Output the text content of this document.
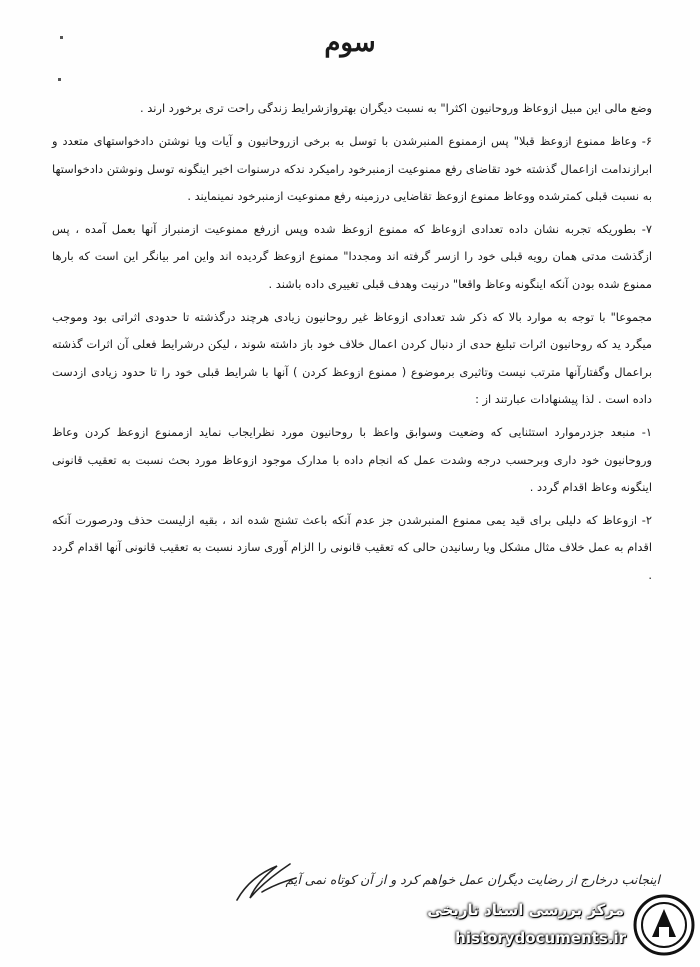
سوم

وضع مالی این مبیل ازوعاظ وروحانیون اکثرا" به نسبت دیگران بهتروازشرایط زندگی راحت تری برخورد ارند .

۶- وعاظ ممنوع ازوعظ قبلا" پس ازممنوع المنبرشدن با توسل به برخی ازروحانیون و آیات ویا نوشتن دادخواستهای متعدد و ابرازندامت ازاعمال گذشته خود تقاضای رفع ممنوعیت ازمنبرخود رامیکرد ندکه درسنوات اخیر اینگونه توسل ونوشتن دادخواستها به نسبت قبلی کمترشده ووعاظ ممنوع ازوعظ تقاضایی درزمینه رفع ممنوعیت ازمنبرخود نمینمایند .

۷- بطوریکه تجربه نشان داده تعدادی ازوعاظ که ممنوع ازوعظ شده وپس ازرفع ممنوعیت ازمنبراز آنها بعمل آمده ، پس ازگذشت مدتی همان رویه قبلی خود را ازسر گرفته اند ومجددا" ممنوع ازوعظ گردیده اند واین امر بیانگر این است که بارها ممنوع شده بودن آنکه اینگونه وعاظ واقعا" درنیت وهدف قبلی تغییری داده باشند .

مجموعا" با توجه به موارد بالا که ذکر شد تعدادی ازوعاظ غیر روحانیون زیادی هرچند درگذشته تا حدودی اثراتی بود وموجب میگرد ید که روحانیون اثرات تبلیغ حدی از دنبال کردن اعمال خلاف خود باز داشته شوند ، لیکن درشرایط فعلی آن اثرات گذشته براعمال وگفتارآنها مترتب نیست وتاثیری برموضوع ( ممنوع ازوعظ کردن ) آنها با شرایط قبلی خود را تا حدود زیادی ازدست داده است . لذا پیشنهادات عبارتند از :

۱- منبعد جزدرموارد استثنایی که وضعیت وسوابق واعظ با روحانیون مورد نظرایجاب نماید ازممنوع ازوعظ کردن وعاظ وروحانیون خود داری وبرحسب درجه وشدت عمل که انجام داده با مدارک موجود ازوعاظ مورد بحث نسبت به تعقیب قانونی اینگونه وعاظ اقدام گردد .

۲- ازوعاظ که دلیلی برای قید یمی ممنوع المنبرشدن جز عدم آنکه باعث تشنج شده اند ، بقیه ازلیست حذف ودرصورت آنکه اقدام به عمل خلاف مثال مشکل ویا رسانیدن حالی که تعقیب قانونی را الزام آوری سازد نسبت به تعقیب قانونی آنها اقدام گردد .

اینجانب درخارج از رضایت دیگران عمل خواهم کرد و از آن کوتاه نمی آیم
مرکز بررسی اسناد تاریخی
historydocuments.ir
